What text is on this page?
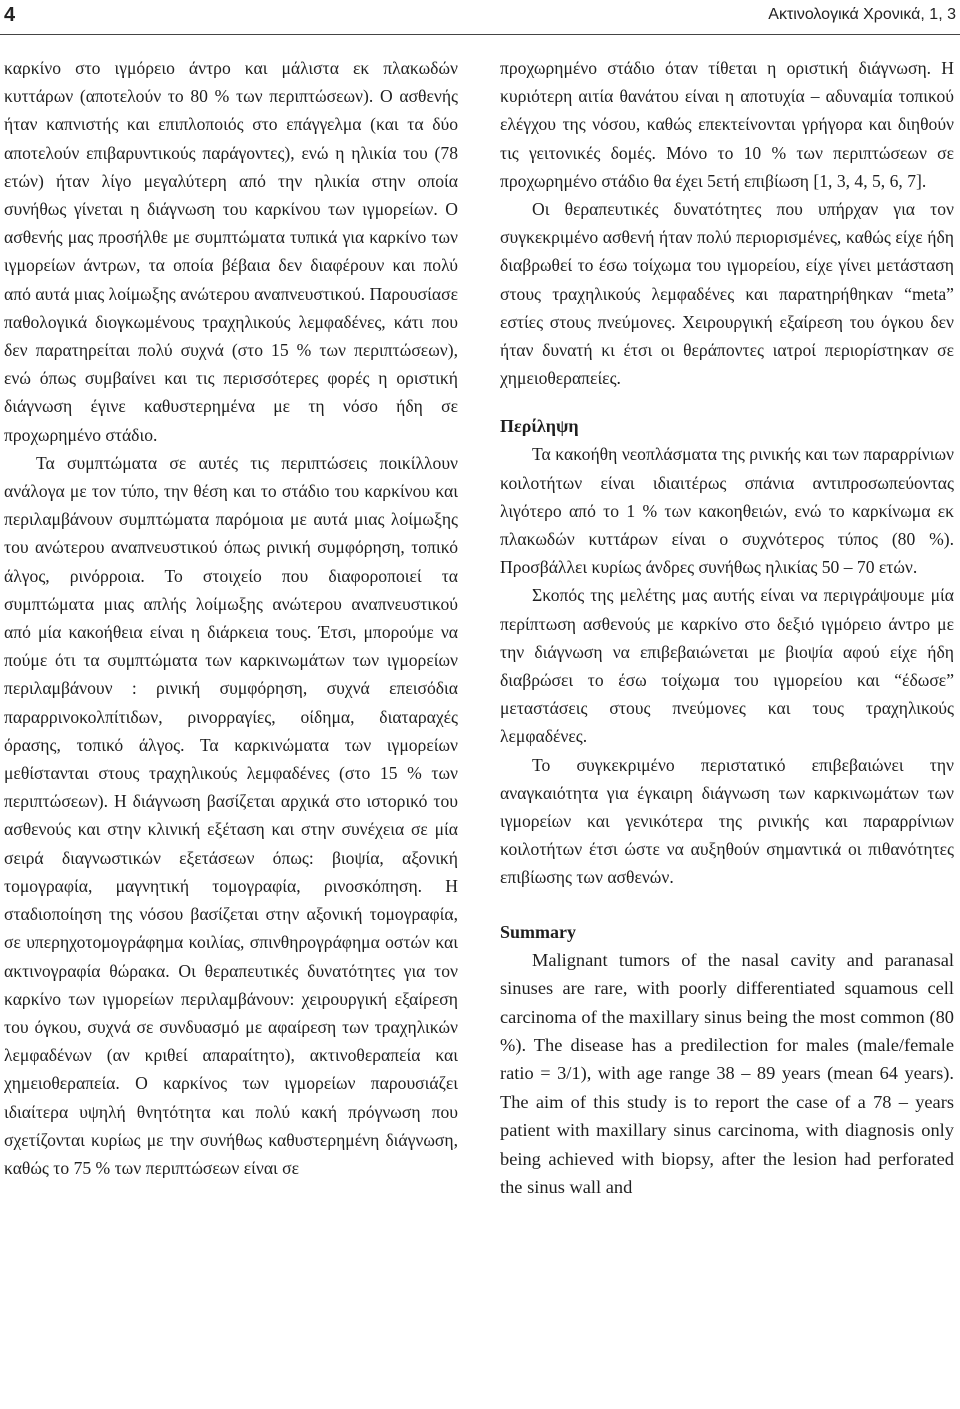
4	Ακτινολογικά Χρονικά, 1, 3

καρκίνο στο ιγμόρειο άντρο και μάλιστα εκ πλακωδών κυττάρων (αποτελούν το 80 % των περιπτώσεων). Ο ασθενής ήταν καπνιστής και επιπλοποιός στο επάγγελμα (και τα δύο αποτελούν επιβαρυντικούς παράγοντες), ενώ η ηλικία του (78 ετών) ήταν λίγο μεγαλύτερη από την ηλικία στην οποία συνήθως γίνεται η διάγνωση του καρκίνου των ιγμορείων. Ο ασθενής μας προσήλθε με συμπτώματα τυπικά για καρκίνο των ιγμορείων άντρων, τα οποία βέβαια δεν διαφέρουν και πολύ από αυτά μιας λοίμωξης ανώτερου αναπνευστικού. Παρουσίασε παθολογικά διογκωμένους τραχηλικούς λεμφαδένες, κάτι που δεν παρατηρείται πολύ συχνά (στο 15 % των περιπτώσεων), ενώ όπως συμβαίνει και τις περισσότερες φορές η οριστική διάγνωση έγινε καθυστερημένα με τη νόσο ήδη σε προχωρημένο στάδιο.

Τα συμπτώματα σε αυτές τις περιπτώσεις ποικίλλουν ανάλογα με τον τύπο, την θέση και το στάδιο του καρκίνου και περιλαμβάνουν συμπτώματα παρόμοια με αυτά μιας λοίμωξης του ανώτερου αναπνευστικού όπως ρινική συμφόρηση, τοπικό άλγος, ρινόρροια. Το στοιχείο που διαφοροποιεί τα συμπτώματα μιας απλής λοίμωξης ανώτερου αναπνευστικού από μία κακοήθεια είναι η διάρκεια τους. Έτσι, μπορούμε να πούμε ότι τα συμπτώματα των καρκινωμάτων των ιγμορείων περιλαμβάνουν : ρινική συμφόρηση, συχνά επεισόδια παραρρινοκολπίτιδων, ρινορραγίες, οίδημα, διαταραχές όρασης, τοπικό άλγος. Τα καρκινώματα των ιγμορείων μεθίστανται στους τραχηλικούς λεμφαδένες (στο 15 % των περιπτώσεων). Η διάγνωση βασίζεται αρχικά στο ιστορικό του ασθενούς και στην κλινική εξέταση και στην συνέχεια σε μία σειρά διαγνωστικών εξετάσεων όπως: βιοψία, αξονική τομογραφία, μαγνητική τομογραφία, ρινοσκόπηση. Η σταδιοποίηση της νόσου βασίζεται στην αξονική τομογραφία, σε υπερηχοτομογράφημα κοιλίας, σπινθηρογράφημα οστών και ακτινογραφία θώρακα. Οι θεραπευτικές δυνατότητες για τον καρκίνο των ιγμορείων περιλαμβάνουν: χειρουργική εξαίρεση του όγκου, συχνά σε συνδυασμό με αφαίρεση των τραχηλικών λεμφαδένων (αν κριθεί απαραίτητο), ακτινοθεραπεία και χημειοθεραπεία. Ο καρκίνος των ιγμορείων παρουσιάζει ιδιαίτερα υψηλή θνητότητα και πολύ κακή πρόγνωση που σχετίζονται κυρίως με την συνήθως καθυστερημένη διάγνωση, καθώς το 75 % των περιπτώσεων είναι σε

προχωρημένο στάδιο όταν τίθεται η οριστική διάγνωση. Η κυριότερη αιτία θανάτου είναι η αποτυχία – αδυναμία τοπικού ελέγχου της νόσου, καθώς επεκτείνονται γρήγορα και διηθούν τις γειτονικές δομές. Μόνο το 10 % των περιπτώσεων σε προχωρημένο στάδιο θα έχει 5ετή επιβίωση [1, 3, 4, 5, 6, 7].

Οι θεραπευτικές δυνατότητες που υπήρχαν για τον συγκεκριμένο ασθενή ήταν πολύ περιορισμένες, καθώς είχε ήδη διαβρωθεί το έσω τοίχωμα του ιγμορείου, είχε γίνει μετάσταση στους τραχηλικούς λεμφαδένες και παρατηρήθηκαν “meta” εστίες στους πνεύμονες. Χειρουργική εξαίρεση του όγκου δεν ήταν δυνατή κι έτσι οι θεράποντες ιατροί περιορίστηκαν σε χημειοθεραπείες.

Περίληψη

Τα κακοήθη νεοπλάσματα της ρινικής και των παραρρίνιων κοιλοτήτων είναι ιδιαιτέρως σπάνια αντιπροσωπεύοντας λιγότερο από το 1 % των κακοηθειών, ενώ το καρκίνωμα εκ πλακωδών κυττάρων είναι ο συχνότερος τύπος (80 %). Προσβάλλει κυρίως άνδρες συνήθως ηλικίας 50 – 70 ετών.

Σκοπός της μελέτης μας αυτής είναι να περιγράψουμε μία περίπτωση ασθενούς με καρκίνο στο δεξιό ιγμόρειο άντρο με την διάγνωση να επιβεβαιώνεται με βιοψία αφού είχε ήδη διαβρώσει το έσω τοίχωμα του ιγμορείου και “έδωσε” μεταστάσεις στους πνεύμονες και τους τραχηλικούς λεμφαδένες.

Το συγκεκριμένο περιστατικό επιβεβαιώνει την αναγκαιότητα για έγκαιρη διάγνωση των καρκινωμάτων των ιγμορείων και γενικότερα της ρινικής και παραρρίνιων κοιλοτήτων έτσι ώστε να αυξηθούν σημαντικά οι πιθανότητες επιβίωσης των ασθενών.

Summary

Malignant tumors of the nasal cavity and paranasal sinuses are rare, with poorly differentiated squamous cell carcinoma of the maxillary sinus being the most common (80 %). The disease has a predilection for males (male/female ratio = 3/1), with age range 38 – 89 years (mean 64 years). The aim of this study is to report the case of a 78 – years patient with maxillary sinus carcinoma, with diagnosis only being achieved with biopsy, after the lesion had perforated the sinus wall and
